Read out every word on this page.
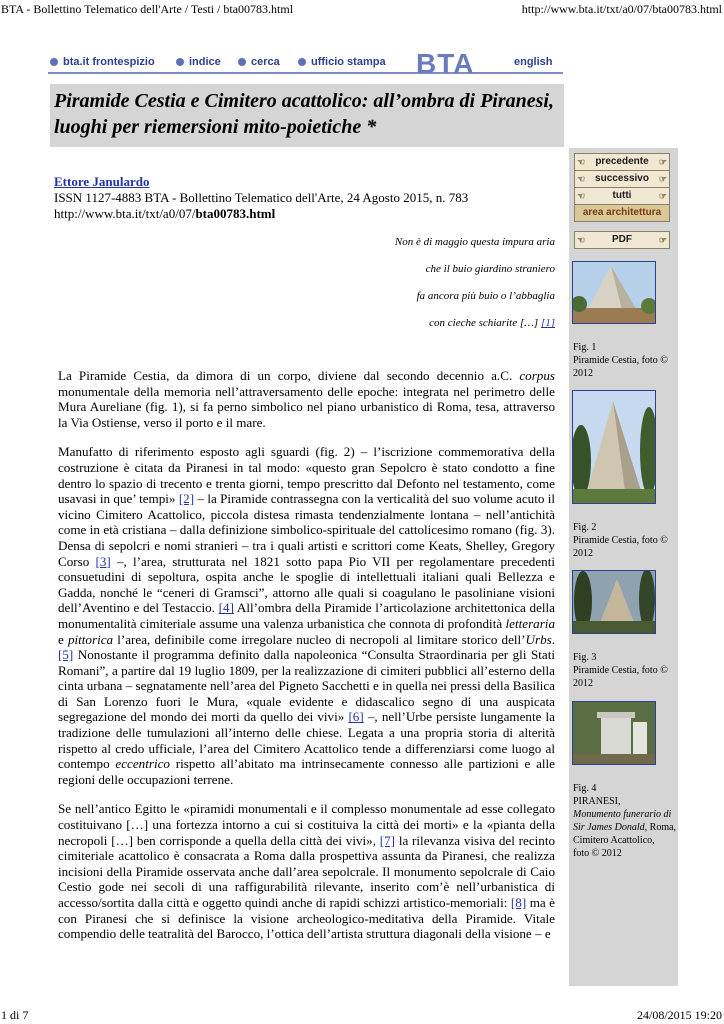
BTA - Bollettino Telematico dell'Arte / Testi / bta00783.html	http://www.bta.it/txt/a0/07/bta00783.html
bta.it frontespizio	indice	cerca	ufficio stampa BTA	english
Piramide Cestia e Cimitero acattolico: all’ombra di Piranesi, luoghi per riemersioni mito-poietiche *
Ettore Janulardo
ISSN 1127-4883 BTA - Bollettino Telematico dell'Arte, 24 Agosto 2015, n. 783
http://www.bta.it/txt/a0/07/bta00783.html
Non è di maggio questa impura aria
che il buio giardino straniero
fa ancora più buio o l’abbaglia
con cieche schiarite […] [1]
☜ precedente ☞
☜ successivo ☞
☜	tutti	☞
area architettura
☜	PDF	☞
Fig. 1
Piramide Cestia, foto © 2012
Fig. 2
Piramide Cestia, foto © 2012
Fig. 3
Piramide Cestia, foto © 2012
Fig. 4
PIRANESI,
Monumento funerario di Sir James Donald, Roma, Cimitero Acattolico,
foto © 2012

La Piramide Cestia, da dimora di un corpo, diviene dal secondo decennio a.C. corpus monumentale della memoria nell’attraversamento delle epoche: integrata nel perimetro delle Mura Aureliane (fig. 1), si fa perno simbolico nel piano urbanistico di Roma, tesa, attraverso la Via Ostiense, verso il porto e il mare.

Manufatto di riferimento esposto agli sguardi (fig. 2) – l’iscrizione commemorativa della costruzione è citata da Piranesi in tal modo: «questo gran Sepolcro è stato condotto a fine dentro lo spazio di trecento e trenta giorni, tempo prescritto dal Defonto nel testamento, come usavasi in que’ tempi» [2] – la Piramide contrassegna con la verticalità del suo volume acuto il vicino Cimitero Acattolico, piccola distesa rimasta tendenzialmente lontana – nell’antichità come in età cristiana – dalla definizione simbolico-spirituale del cattolicesimo romano (fig. 3). Densa di sepolcri e nomi stranieri – tra i quali artisti e scrittori come Keats, Shelley, Gregory Corso [3] –, l’area, strutturata nel 1821 sotto papa Pio VII per regolamentare precedenti consuetudini di sepoltura, ospita anche le spoglie di intellettuali italiani quali Bellezza e Gadda, nonché le “ceneri di Gramsci”, attorno alle quali si coagulano le pasoliniane visioni dell’Aventino e del Testaccio. [4] All’ombra della Piramide l’articolazione architettonica della monumentalità cimiteriale assume una valenza urbanistica che connota di profondità letteraria e pittorica l’area, definibile come irregolare nucleo di necropoli al limitare storico dell’Urbs. [5] Nonostante il programma definito dalla napoleonica “Consulta Straordinaria per gli Stati Romani”, a partire dal 19 luglio 1809, per la realizzazione di cimiteri pubblici all’esterno della cinta urbana – segnatamente nell’area del Pigneto Sacchetti e in quella nei pressi della Basilica di San Lorenzo fuori le Mura, «quale evidente e didascalico segno di una auspicata segregazione del mondo dei morti da quello dei vivi» [6] –, nell’Urbe persiste lungamente la tradizione delle tumulazioni all’interno delle chiese. Legata a una propria storia di alterità rispetto al credo ufficiale, l’area del Cimitero Acattolico tende a differenziarsi come luogo al contempo eccentrico rispetto all’abitato ma intrinsecamente connesso alle partizioni e alle regioni delle occupazioni terrene.

Se nell’antico Egitto le «piramidi monumentali e il complesso monumentale ad esse collegato costituivano […] una fortezza intorno a cui si costituiva la città dei morti» e la «pianta della necropoli […] ben corrisponde a quella della città dei vivi», [7] la rilevanza visiva del recinto cimiteriale acattolico è consacrata a Roma dalla prospettiva assunta da Piranesi, che realizza incisioni della Piramide osservata anche dall’area sepolcrale. Il monumento sepolcrale di Caio Cestio gode nei secoli di una raffigurabilità rilevante, inserito com’è nell’urbanistica di accesso/sortita dalla città e oggetto quindi anche di rapidi schizzi artistico-memoriali: [8] ma è con Piranesi che si definisce la visione archeologico-meditativa della Piramide. Vitale compendio delle teatralità del Barocco, l’ottica dell’artista struttura diagonali della visione – e

1 di 7	24/08/2015 19:20
